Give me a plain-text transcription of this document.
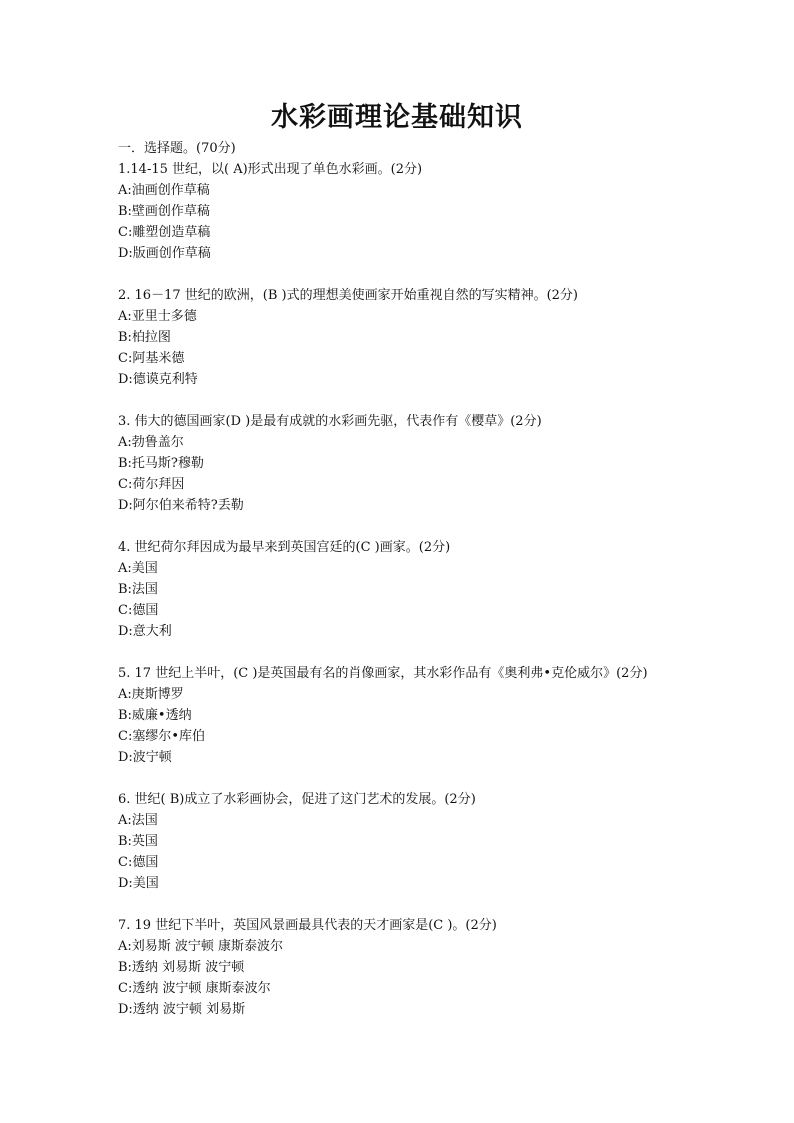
水彩画理论基础知识
一．选择题。(70分)
1.14-15 世纪，以( A)形式出现了单色水彩画。(2分)
A:油画创作草稿
B:壁画创作草稿
C:雕塑创造草稿
D:版画创作草稿
2. 16－17 世纪的欧洲，(B )式的理想美使画家开始重视自然的写实精神。(2分)
A:亚里士多德
B:柏拉图
C:阿基米德
D:德谟克利特
3. 伟大的德国画家(D )是最有成就的水彩画先驱，代表作有《樱草》(2分)
A:勃鲁盖尔
B:托马斯?穆勒
C:荷尔拜因
D:阿尔伯来希特?丢勒
4. 世纪荷尔拜因成为最早来到英国宫廷的(C )画家。(2分)
A:美国
B:法国
C:德国
D:意大利
5. 17 世纪上半叶，(C )是英国最有名的肖像画家，其水彩作品有《奥利弗•克伦威尔》(2分)
A:庚斯博罗
B:威廉•透纳
C:塞缪尔•库伯
D:波宁顿
6. 世纪( B)成立了水彩画协会，促进了这门艺术的发展。(2分)
A:法国
B:英国
C:德国
D:美国
7. 19 世纪下半叶，英国风景画最具代表的天才画家是(C )。(2分)
A:刘易斯 波宁顿 康斯泰波尔
B:透纳 刘易斯 波宁顿
C:透纳 波宁顿 康斯泰波尔
D:透纳 波宁顿 刘易斯
